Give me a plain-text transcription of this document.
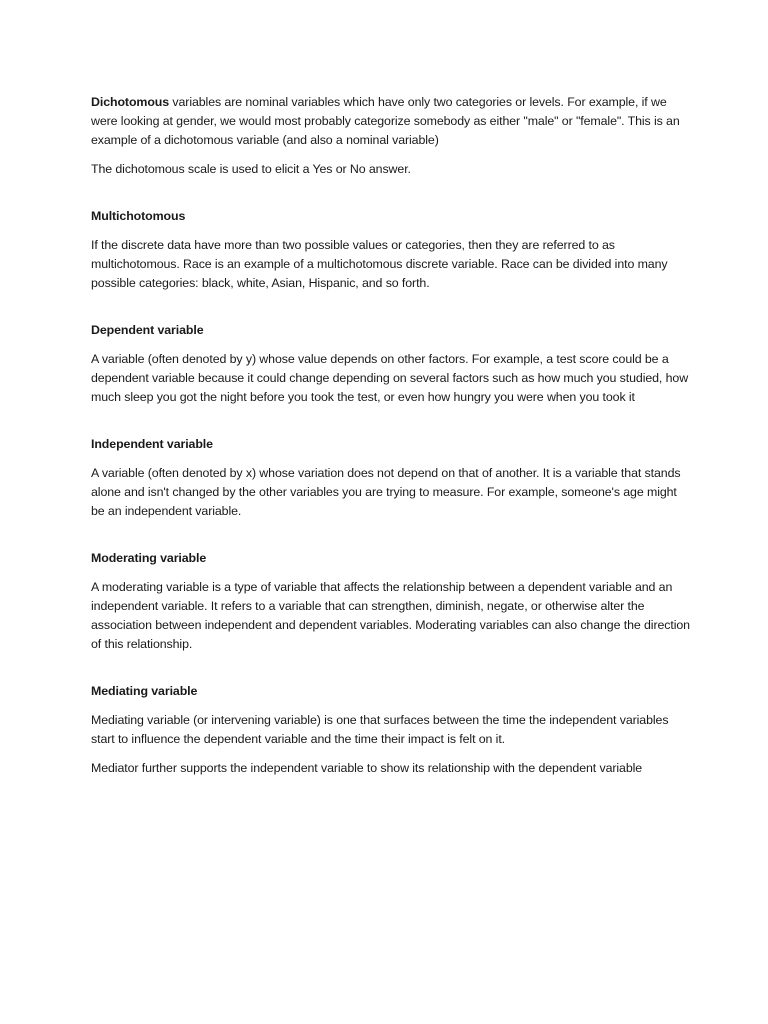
Dichotomous variables are nominal variables which have only two categories or levels. For example, if we were looking at gender, we would most probably categorize somebody as either "male" or "female". This is an example of a dichotomous variable (and also a nominal variable)

The dichotomous scale is used to elicit a Yes or No answer.

Multichotomous

If the discrete data have more than two possible values or categories, then they are referred to as multichotomous. Race is an example of a multichotomous discrete variable. Race can be divided into many possible categories: black, white, Asian, Hispanic, and so forth.

Dependent variable

A variable (often denoted by y) whose value depends on other factors. For example, a test score could be a dependent variable because it could change depending on several factors such as how much you studied, how much sleep you got the night before you took the test, or even how hungry you were when you took it

Independent variable

A variable (often denoted by x) whose variation does not depend on that of another. It is a variable that stands alone and isn't changed by the other variables you are trying to measure. For example, someone's age might be an independent variable.

Moderating variable

A moderating variable is a type of variable that affects the relationship between a dependent variable and an independent variable. It refers to a variable that can strengthen, diminish, negate, or otherwise alter the association between independent and dependent variables. Moderating variables can also change the direction of this relationship.

Mediating variable

Mediating variable (or intervening variable) is one that surfaces between the time the independent variables start to influence the dependent variable and the time their impact is felt on it.

Mediator further supports the independent variable to show its relationship with the dependent variable
